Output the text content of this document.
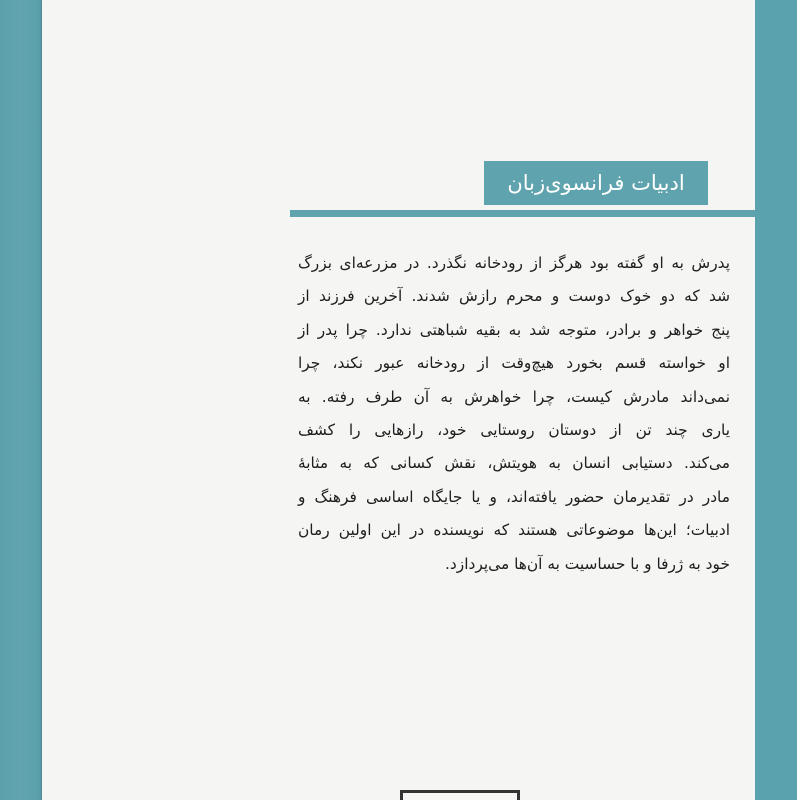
ادبیات فرانسوی‌زبان
پدرش به او گفته بود هرگز از رودخانه نگذرد. در مزرعه‌ای بزرگ
شد که دو خوک دوست و محرم رازش شدند. آخرین فرزند از
پنج خواهر و برادر، متوجه شد به بقیه شباهتی ندارد. چرا پدر از
او خواسته قسم بخورد هیچ‌وقت از رودخانه عبور نکند، چرا
نمی‌داند مادرش کیست، چرا خواهرش به آن طرف رفته. به
یاری چند تن از دوستان روستایی خود، رازهایی را کشف
می‌کند. دستیابی انسان به هویتش، نقش کسانی که به مثابهٔ
مادر در تقدیرمان حضور یافته‌اند، و یا جایگاه اساسی فرهنگ و
ادبیات؛ این‌ها موضوعاتی هستند که نویسنده در این اولین رمان
خود به ژرفا و با حساسیت به آن‌ها می‌پردازد.
